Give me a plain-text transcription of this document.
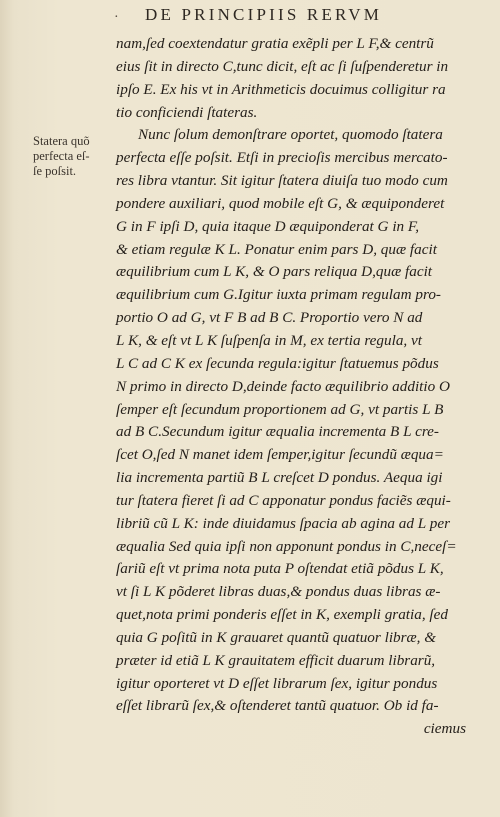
· DE PRINCIPIIS RERVM
Statera quõ
perfecta eſ-
ſe poſsit.
nam,ſed coextendatur gratia exẽpli per L F,& centrũ
eius ſit in directo C,tunc dicit, eſt ac ſi ſuſpenderetur in
ipſo E. Ex his vt in Arithmeticis docuimus colligitur ra
tio conficiendi ſtateras.
Nunc ſolum demonſtrare oportet, quomodo ſtatera
perfecta eſſe poſsit. Etſi in precioſis mercibus mercato-
res libra vtantur. Sit igitur ſtatera diuiſa tuo modo cum
pondere auxiliari, quod mobile eſt G, & æquiponderet
G in F ipſi D, quia itaque D æquiponderat G in F,
& etiam regulæ K L. Ponatur enim pars D, quæ facit
æquilibrium cum L K, & O pars reliqua D,quæ facit
æquilibrium cum G.Igitur iuxta primam regulam pro-
portio O ad G, vt F B ad B C. Proportio vero N ad
L K, & eſt vt L K ſuſpenſa in M, ex tertia regula, vt
L C ad C K ex ſecunda regula:igitur ſtatuemus põdus
N primo in directo D,deinde facto æquilibrio additio O
ſemper eſt ſecundum proportionem ad G, vt partis L B
ad B C.Secundum igitur æqualia incrementa B L cre-
ſcet O,ſed N manet idem ſemper,igitur ſecundũ æqua=
lia incrementa partiũ B L creſcet D pondus. Aequa igi
tur ſtatera fieret ſi ad C apponatur pondus faciẽs æqui-
libriũ cũ L K: inde diuidamus ſpacia ab agina ad L per
æqualia Sed quia ipſi non apponunt pondus in C,neceſ=
ſariũ eſt vt prima nota puta P oſtendat etiã põdus L K,
vt ſi L K põderet libras duas,& pondus duas libras æ-
quet,nota primi ponderis eſſet in K, exempli gratia, ſed
quia G poſitũ in K grauaret quantũ quatuor libræ, &
præter id etiã L K grauitatem efficit duarum librarũ,
igitur oporteret vt D eſſet librarum ſex, igitur pondus
eſſet librarũ ſex,& oſtenderet tantũ quatuor. Ob id fa-
ciemus
